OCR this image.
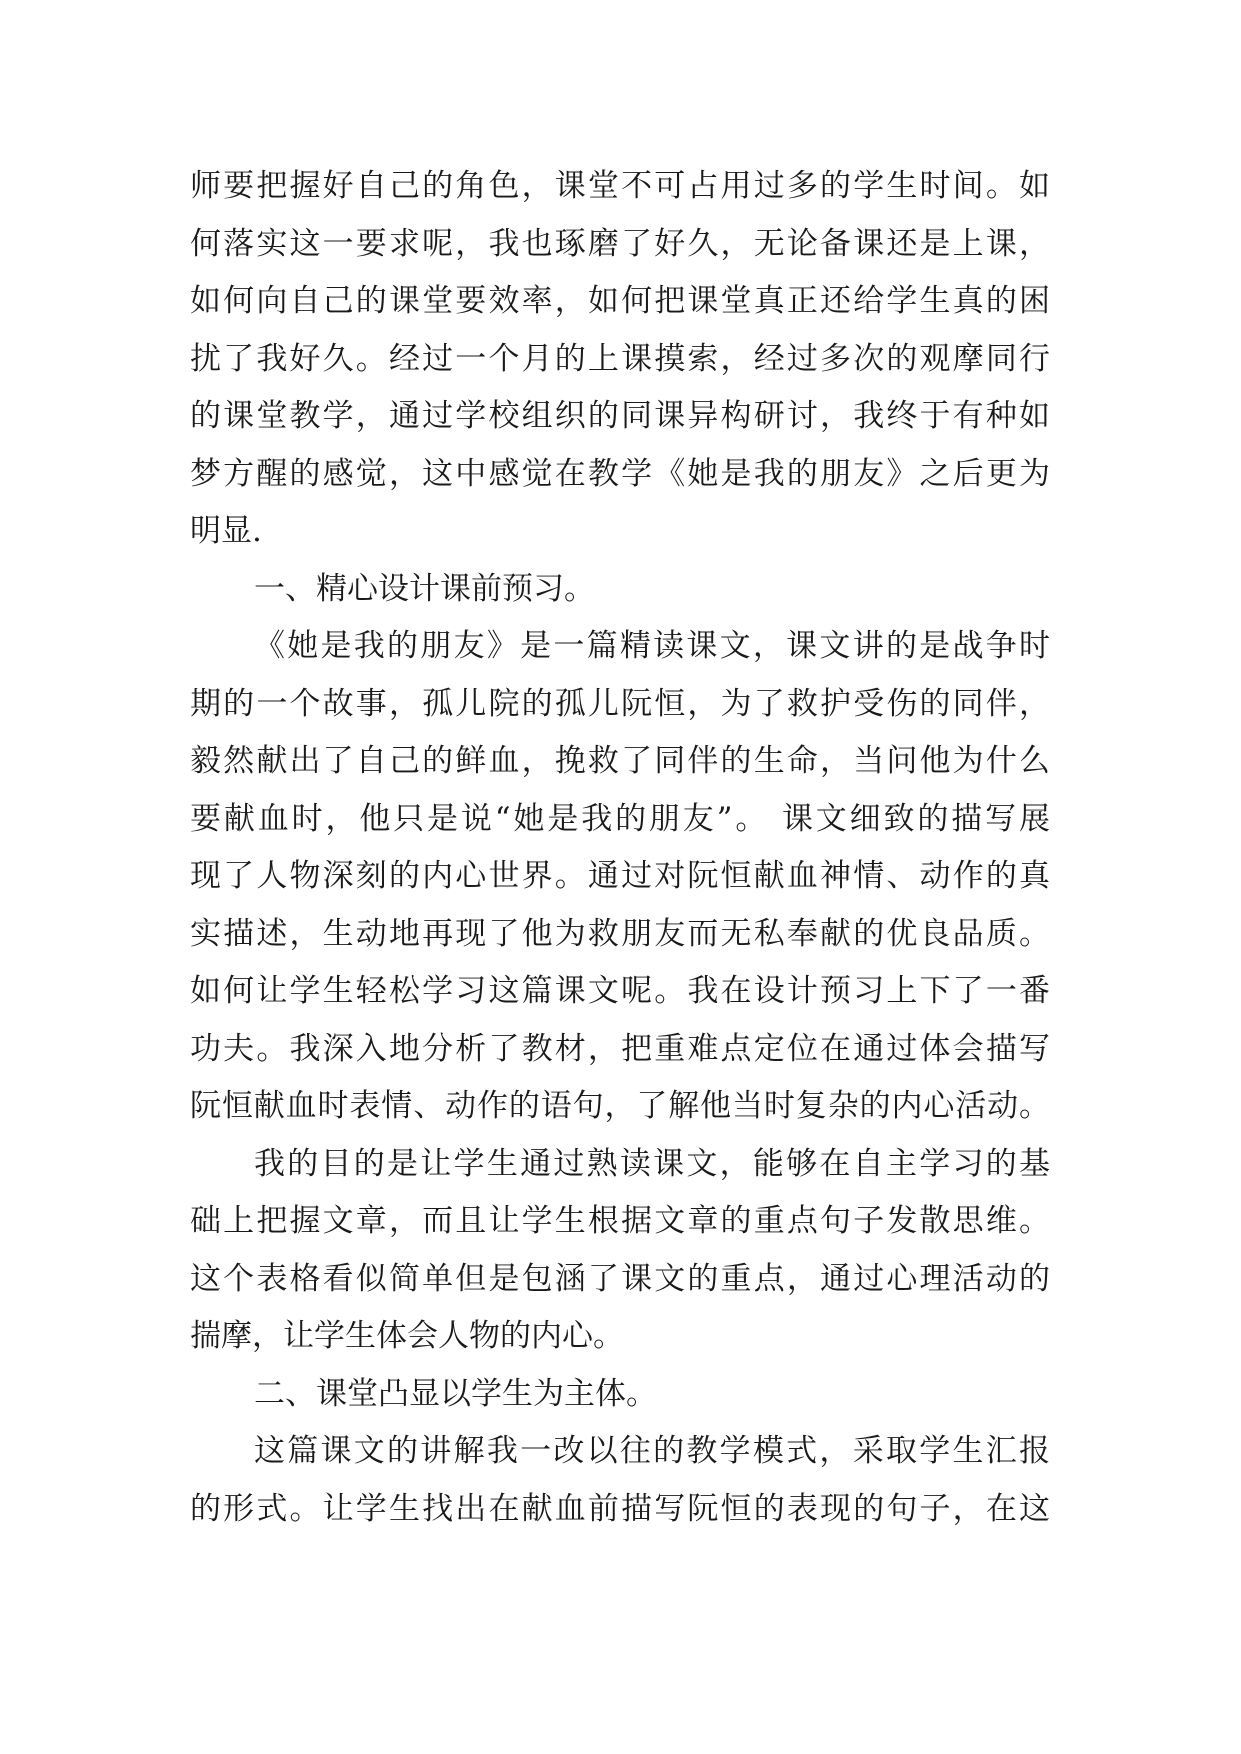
师要把握好自己的角色，课堂不可占用过多的学生时间。如
何落实这一要求呢，我也琢磨了好久，无论备课还是上课，
如何向自己的课堂要效率，如何把课堂真正还给学生真的困
扰了我好久。经过一个月的上课摸索，经过多次的观摩同行
的课堂教学，通过学校组织的同课异构研讨，我终于有种如
梦方醒的感觉，这中感觉在教学《她是我的朋友》之后更为
明显.
一、精心设计课前预习。
《她是我的朋友》是一篇精读课文，课文讲的是战争时
期的一个故事，孤儿院的孤儿阮恒，为了救护受伤的同伴，
毅然献出了自己的鲜血，挽救了同伴的生命，当问他为什么
要献血时，他只是说“她是我的朋友”。 课文细致的描写展
现了人物深刻的内心世界。通过对阮恒献血神情、动作的真
实描述，生动地再现了他为救朋友而无私奉献的优良品质。
如何让学生轻松学习这篇课文呢。我在设计预习上下了一番
功夫。我深入地分析了教材，把重难点定位在通过体会描写
阮恒献血时表情、动作的语句，了解他当时复杂的内心活动。
我的目的是让学生通过熟读课文，能够在自主学习的基
础上把握文章，而且让学生根据文章的重点句子发散思维。
这个表格看似简单但是包涵了课文的重点，通过心理活动的
揣摩，让学生体会人物的内心。
二、课堂凸显以学生为主体。
这篇课文的讲解我一改以往的教学模式，采取学生汇报
的形式。让学生找出在献血前描写阮恒的表现的句子，在这
